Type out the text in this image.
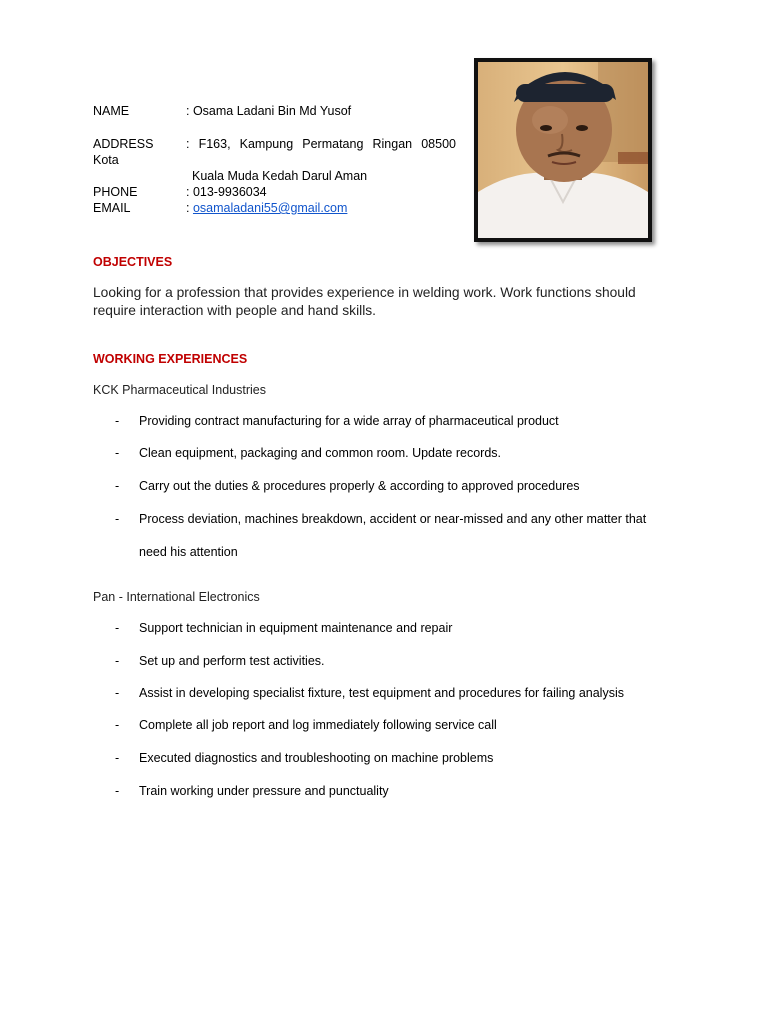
NAME	: Osama Ladani Bin Md Yusof
ADDRESS	: F163, Kampung Permatang Ringan 08500
Kota
Kuala Muda Kedah Darul Aman
PHONE	: 013-9936034
EMAIL	: osamaladani55@gmail.com
OBJECTIVES
Looking for a profession that provides experience in welding work. Work functions should
require interaction with people and hand skills.
WORKING EXPERIENCES
KCK Pharmaceutical Industries
- Providing contract manufacturing for a wide array of pharmaceutical product
- Clean equipment, packaging and common room. Update records.
- Carry out the duties & procedures properly & according to approved procedures
- Process deviation, machines breakdown, accident or near-missed and any other matter that
need his attention
Pan - International Electronics
- Support technician in equipment maintenance and repair
- Set up and perform test activities.
- Assist in developing specialist fixture, test equipment and procedures for failing analysis
- Complete all job report and log immediately following service call
- Executed diagnostics and troubleshooting on machine problems
- Train working under pressure and punctuality
